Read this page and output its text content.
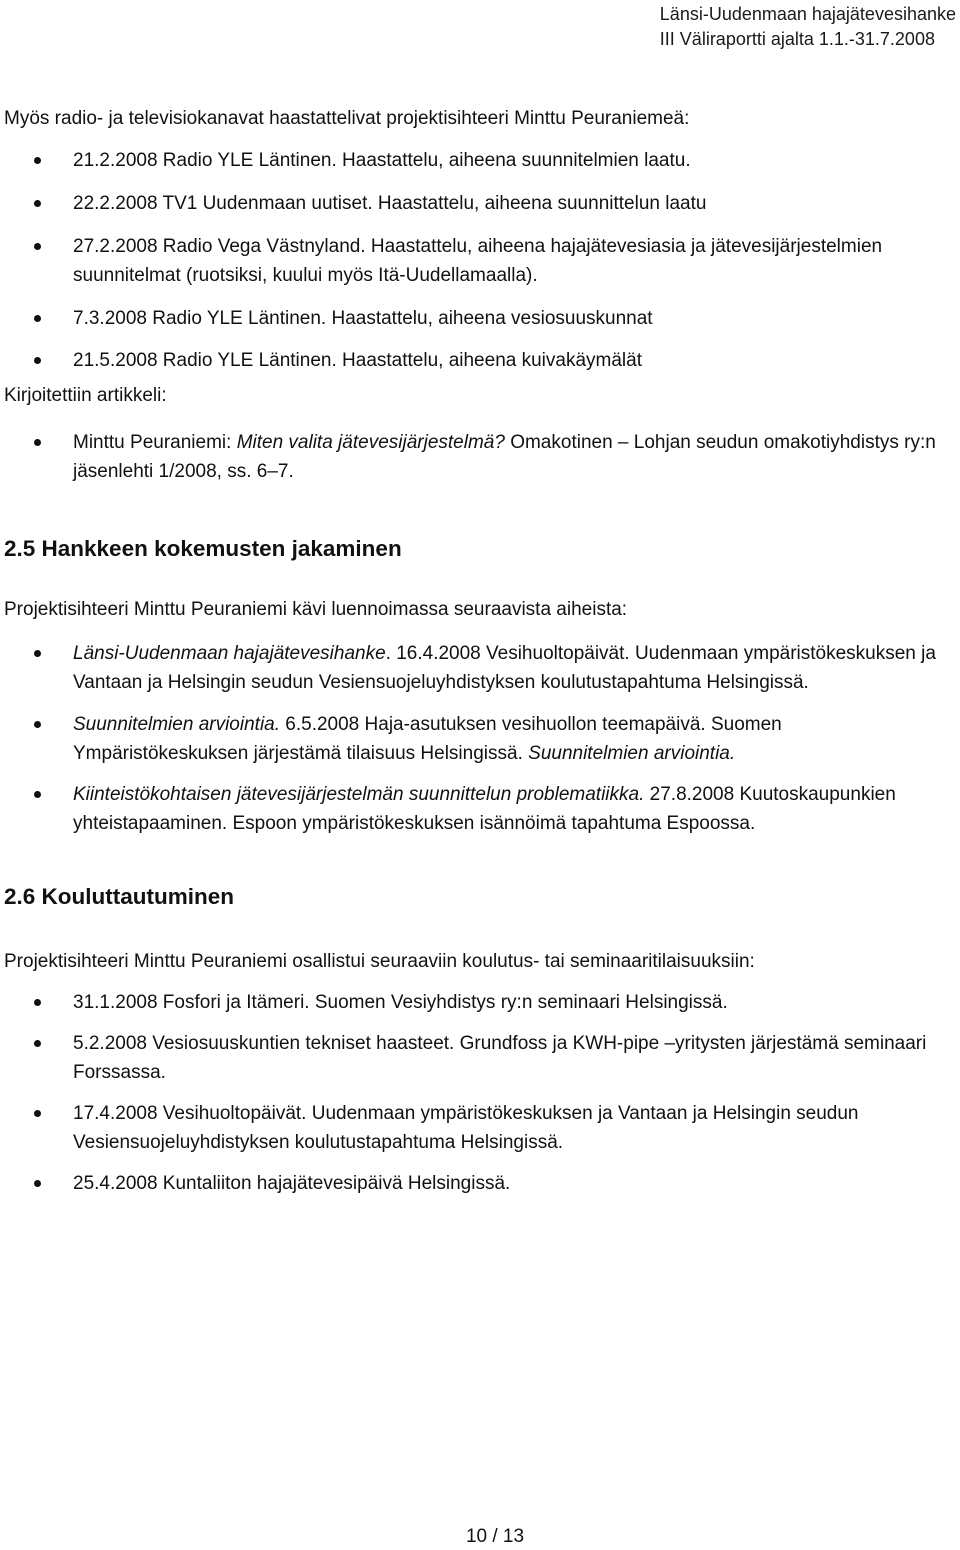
Länsi-Uudenmaan hajajätevesihanke
III Väliraportti ajalta 1.1.-31.7.2008

Myös radio- ja televisiokanavat haastattelivat projektisihteeri Minttu Peuraniemeä:

21.2.2008 Radio YLE Läntinen. Haastattelu, aiheena suunnitelmien laatu.
22.2.2008 TV1 Uudenmaan uutiset. Haastattelu, aiheena suunnittelun laatu
27.2.2008 Radio Vega Västnyland. Haastattelu, aiheena hajajätevesiasia ja jätevesijärjestelmien suunnitelmat (ruotsiksi, kuului myös Itä-Uudellamaalla).
7.3.2008 Radio YLE Läntinen. Haastattelu, aiheena vesiosuuskunnat
21.5.2008 Radio YLE Läntinen. Haastattelu, aiheena kuivakäymälät

Kirjoitettiin artikkeli:

Minttu Peuraniemi: Miten valita jätevesijärjestelmä? Omakotinen – Lohjan seudun omakotiyhdistys ry:n jäsenlehti 1/2008, ss. 6–7.
2.5 Hankkeen kokemusten jakaminen

Projektisihteeri Minttu Peuraniemi kävi luennoimassa seuraavista aiheista:

Länsi-Uudenmaan hajajätevesihanke. 16.4.2008 Vesihuoltopäivät. Uudenmaan ympäristökeskuksen ja Vantaan ja Helsingin seudun Vesiensuojeluyhdistyksen koulutustapahtuma Helsingissä.
Suunnitelmien arviointia. 6.5.2008 Haja-asutuksen vesihuollon teemapäivä. Suomen Ympäristökeskuksen järjestämä tilaisuus Helsingissä. Suunnitelmien arviointia.
Kiinteistökohtaisen jätevesijärjestelmän suunnittelun problematiikka. 27.8.2008 Kuutoskaupunkien yhteistapaaminen. Espoon ympäristökeskuksen isännöimä tapahtuma Espoossa.
2.6 Kouluttautuminen

Projektisihteeri Minttu Peuraniemi osallistui seuraaviin koulutus- tai seminaaritilaisuuksiin:

31.1.2008 Fosfori ja Itämeri. Suomen Vesiyhdistys ry:n seminaari Helsingissä.
5.2.2008 Vesiosuuskuntien tekniset haasteet. Grundfoss ja KWH-pipe –yritysten järjestämä seminaari Forssassa.
17.4.2008 Vesihuoltopäivät. Uudenmaan ympäristökeskuksen ja Vantaan ja Helsingin seudun Vesiensuojeluyhdistyksen koulutustapahtuma Helsingissä.
25.4.2008 Kuntaliiton hajajätevesipäivä Helsingissä.
10 / 13
